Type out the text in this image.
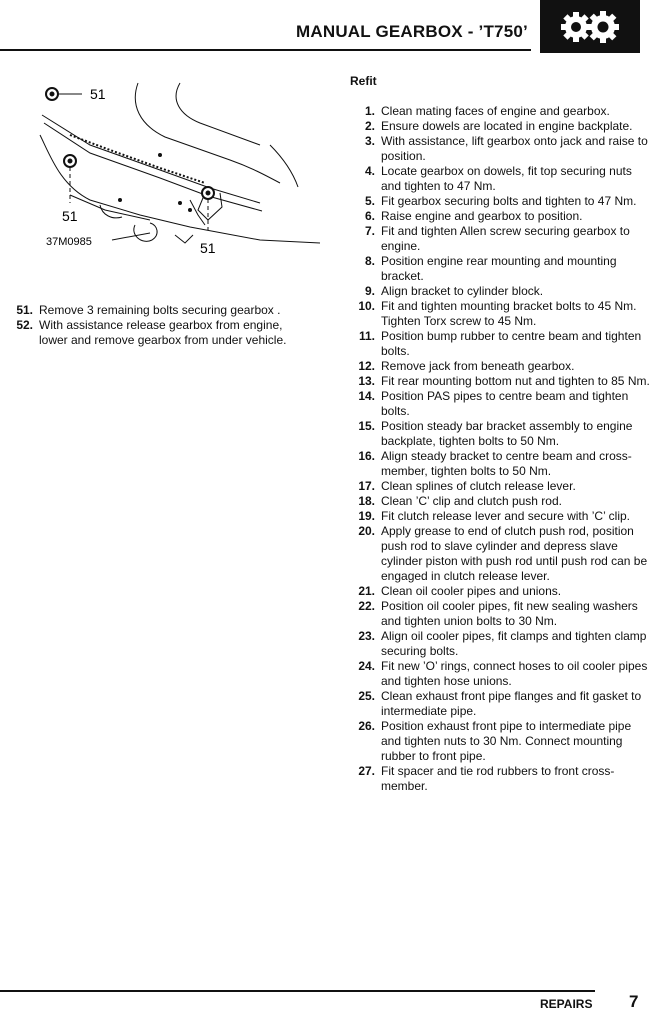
MANUAL GEARBOX - ’T750’
51
51
51
37M0985
51. Remove 3 remaining bolts securing gearbox .
52. With assistance release gearbox from engine, lower and remove gearbox from under vehicle.
Refit
1. Clean mating faces of engine and gearbox.
2. Ensure dowels are located in engine backplate.
3. With assistance, lift gearbox onto jack and raise to position.
4. Locate gearbox on dowels, fit top securing nuts and tighten to 47 Nm.
5. Fit gearbox securing bolts and tighten to 47 Nm.
6. Raise engine and gearbox to position.
7. Fit and tighten Allen screw securing gearbox to engine.
8. Position engine rear mounting and mounting bracket.
9. Align bracket to cylinder block.
10. Fit and tighten mounting bracket bolts to 45 Nm. Tighten Torx screw to 45 Nm.
11. Position bump rubber to centre beam and tighten bolts.
12. Remove jack from beneath gearbox.
13. Fit rear mounting bottom nut and tighten to 85 Nm.
14. Position PAS pipes to centre beam and tighten bolts.
15. Position steady bar bracket assembly to engine backplate, tighten bolts to 50 Nm.
16. Align steady bracket to centre beam and cross-member, tighten bolts to 50 Nm.
17. Clean splines of clutch release lever.
18. Clean ’C’ clip and clutch push rod.
19. Fit clutch release lever and secure with ’C’ clip.
20. Apply grease to end of clutch push rod, position push rod to slave cylinder and depress slave cylinder piston with push rod until push rod can be engaged in clutch release lever.
21. Clean oil cooler pipes and unions.
22. Position oil cooler pipes, fit new sealing washers and tighten union bolts to 30 Nm.
23. Align oil cooler pipes, fit clamps and tighten clamp securing bolts.
24. Fit new ’O’ rings, connect hoses to oil cooler pipes and tighten hose unions.
25. Clean exhaust front pipe flanges and fit gasket to intermediate pipe.
26. Position exhaust front pipe to intermediate pipe and tighten nuts to 30 Nm. Connect mounting rubber to front pipe.
27. Fit spacer and tie rod rubbers to front cross-member.
REPAIRS 7
